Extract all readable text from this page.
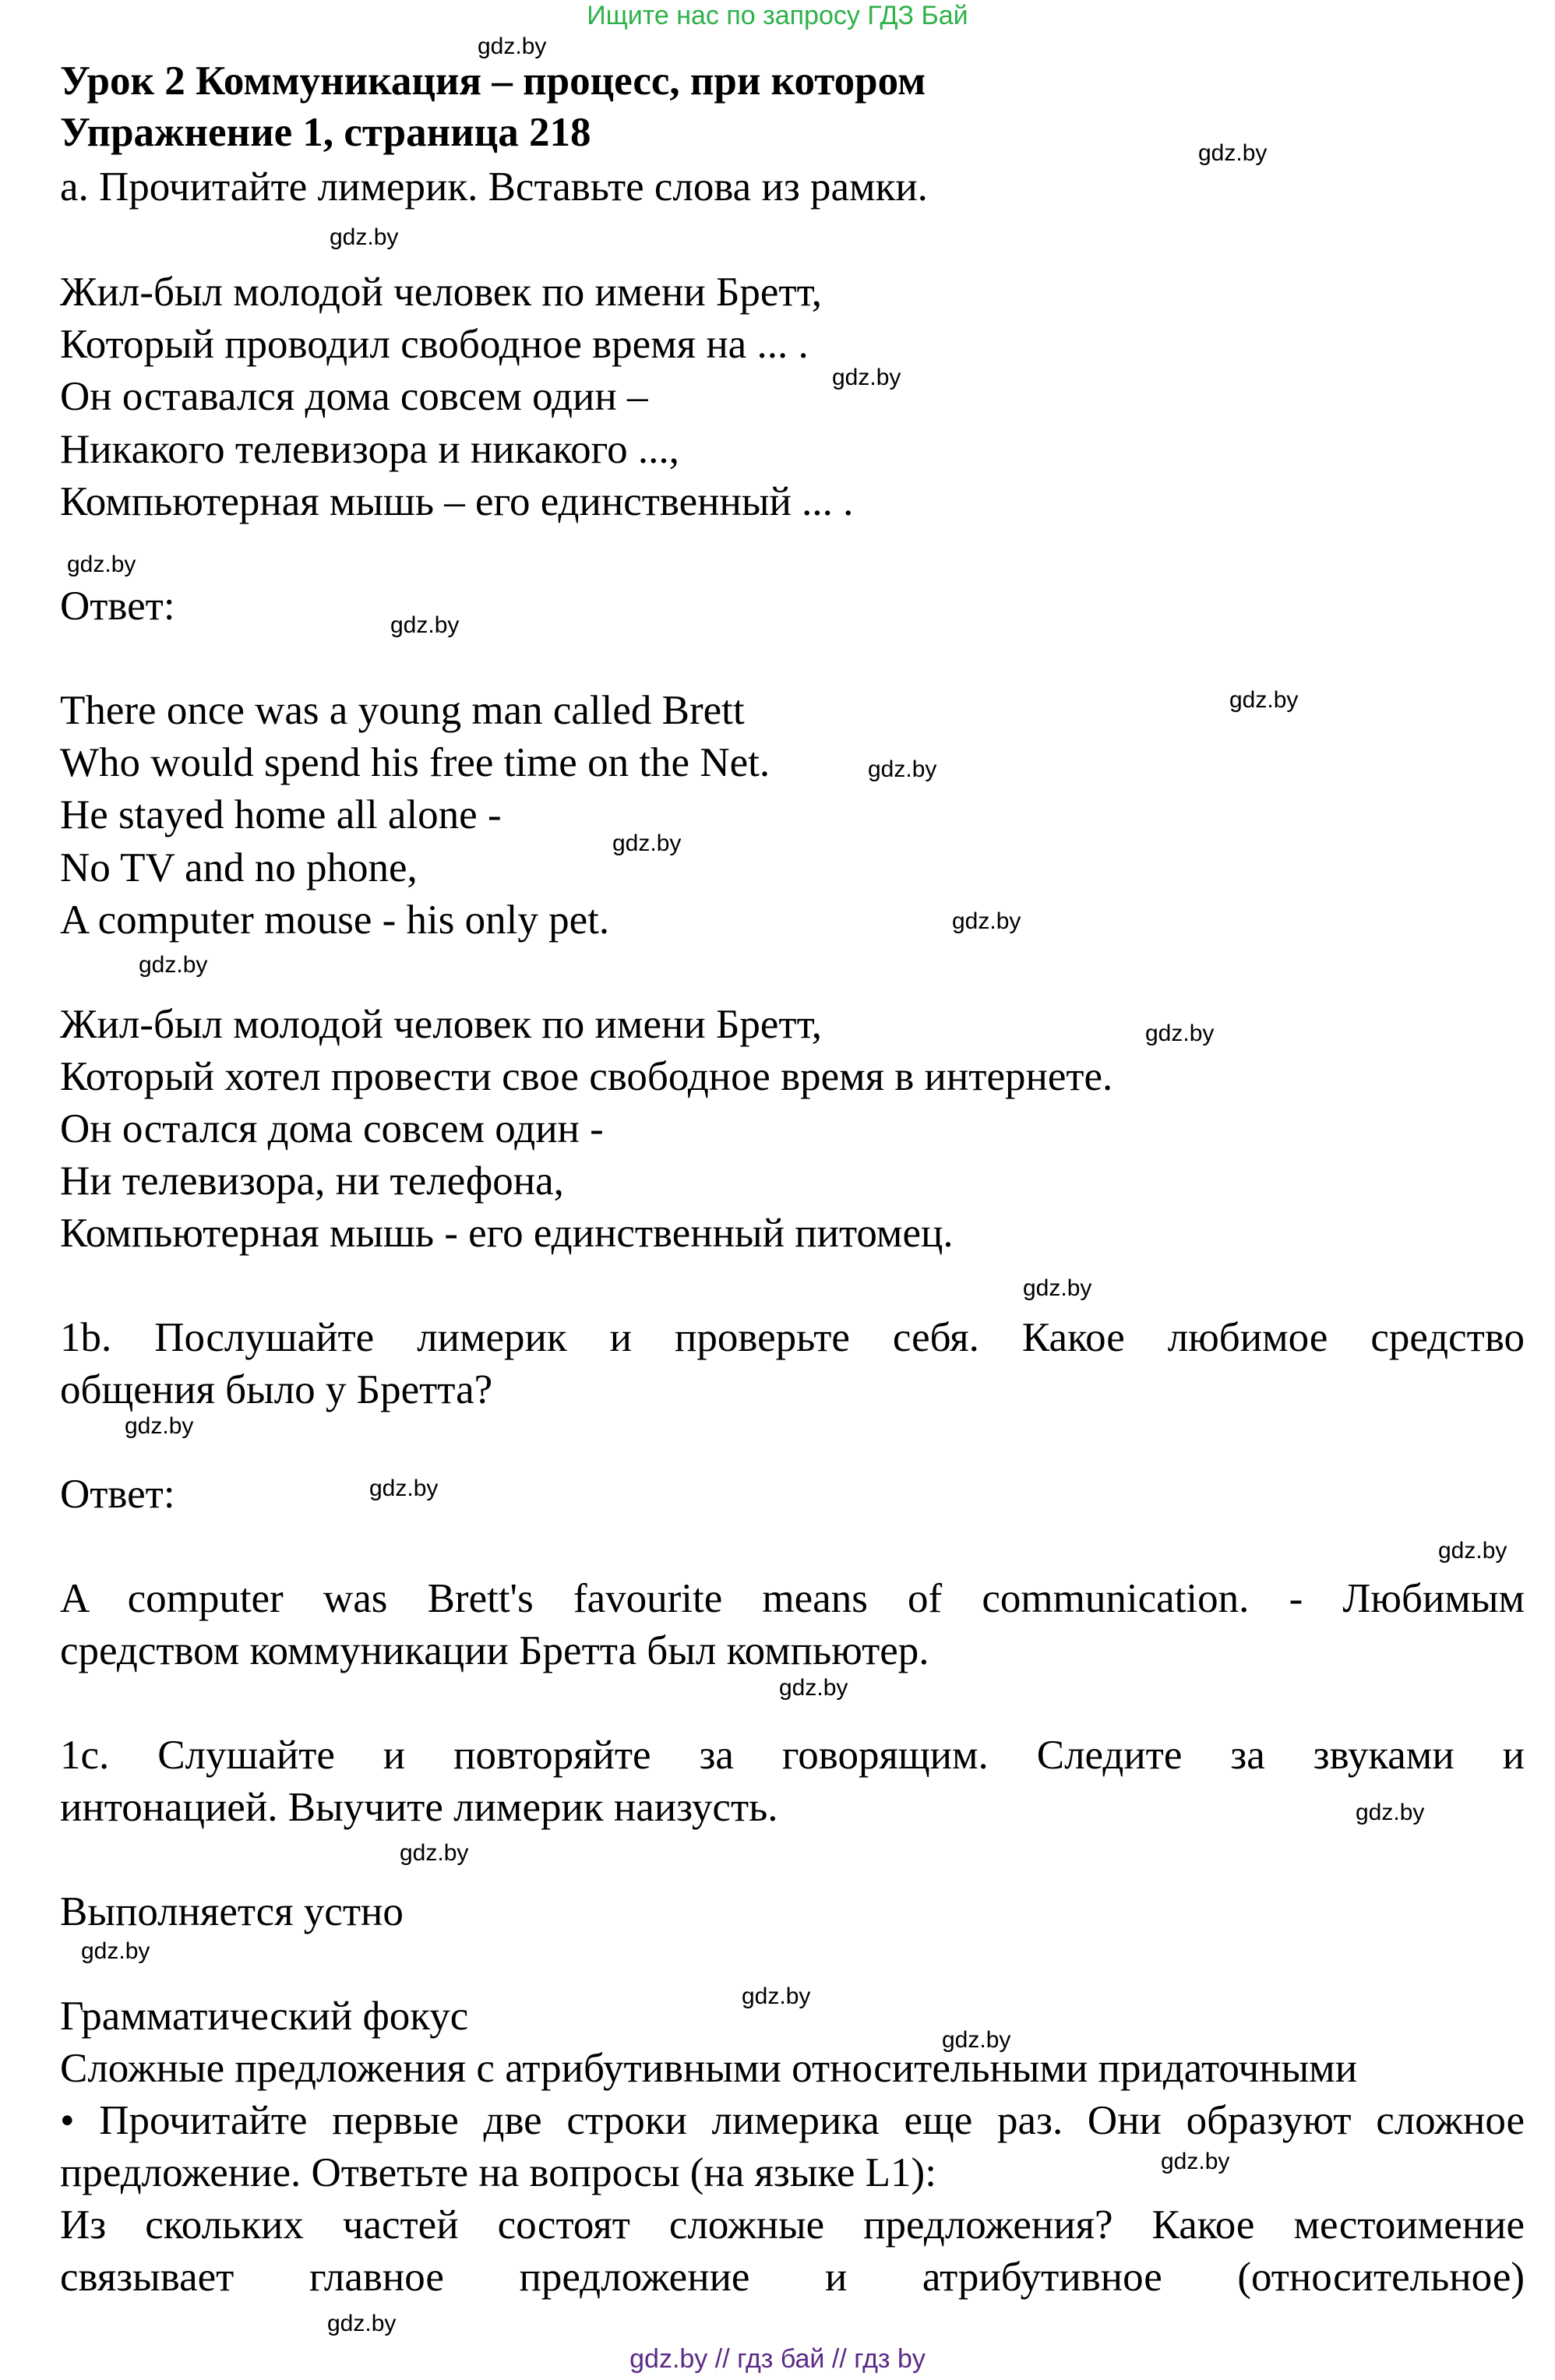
Ищите нас по запросу ГДЗ Бай
Урок 2 Коммуникация – процесс, при котором
Упражнение 1, страница 218
а. Прочитайте лимерик. Вставьте слова из рамки.
Жил-был молодой человек по имени Бретт,
Который проводил свободное время на ... .
Он оставался дома совсем один –
Никакого телевизора и никакого ...,
Компьютерная мышь – его единственный ... .
Ответ:
There once was a young man called Brett
Who would spend his free time on the Net.
He stayed home all alone -
No TV and no phone,
A computer mouse - his only pet.
Жил-был молодой человек по имени Бретт,
Который хотел провести свое свободное время в интернете.
Он остался дома совсем один -
Ни телевизора, ни телефона,
Компьютерная мышь - его единственный питомец.
1b. Послушайте лимерик и проверьте себя. Какое любимое средство
общения было у Бретта?
Ответ:
A computer was Brett's favourite means of communication. - Любимым
средством коммуникации Бретта был компьютер.
1c. Слушайте и повторяйте за говорящим. Следите за звуками и
интонацией. Выучите лимерик наизусть.
Выполняется устно
Грамматический фокус
Сложные предложения с атрибутивными относительными придаточными
• Прочитайте первые две строки лимерика еще раз. Они образуют сложное
предложение. Ответьте на вопросы (на языке L1):
Из скольких частей состоят сложные предложения? Какое местоимение
связывает главное предложение и атрибутивное (относительное)
gdz.by
gdz.by
gdz.by
gdz.by
gdz.by
gdz.by
gdz.by
gdz.by
gdz.by
gdz.by
gdz.by
gdz.by
gdz.by
gdz.by
gdz.by
gdz.by
gdz.by
gdz.by
gdz.by
gdz.by
gdz.by
gdz.by
gdz.by
gdz.by
gdz.by // гдз бай // гдз by
